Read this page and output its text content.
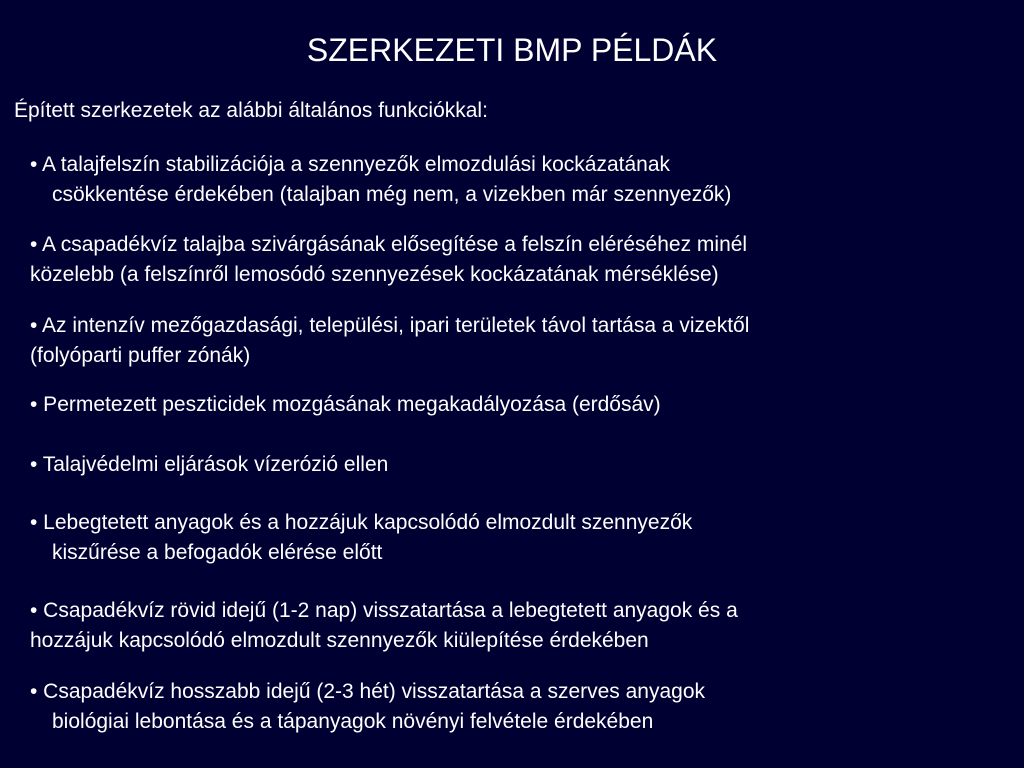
SZERKEZETI BMP PÉLDÁK
Épített szerkezetek az alábbi általános funkciókkal:
• A talajfelszín stabilizációja a szennyezők elmozdulási kockázatának
csökkentése érdekében (talajban még nem, a vizekben már szennyezők)
• A csapadékvíz talajba szivárgásának elősegítése a felszín eléréséhez minél
közelebb (a felszínről lemosódó szennyezések kockázatának mérséklése)
• Az intenzív mezőgazdasági, települési, ipari területek távol tartása a vizektől
(folyóparti puffer zónák)
• Permetezett peszticidek mozgásának megakadályozása (erdősáv)
• Talajvédelmi eljárások vízerózió ellen
• Lebegtetett anyagok és a hozzájuk kapcsolódó elmozdult szennyezők
kiszűrése a befogadók elérése előtt
• Csapadékvíz rövid idejű (1-2 nap) visszatartása a lebegtetett anyagok és a
hozzájuk kapcsolódó elmozdult szennyezők kiülepítése érdekében
• Csapadékvíz hosszabb idejű (2-3 hét) visszatartása a szerves anyagok
biológiai lebontása és a tápanyagok növényi felvétele érdekében
